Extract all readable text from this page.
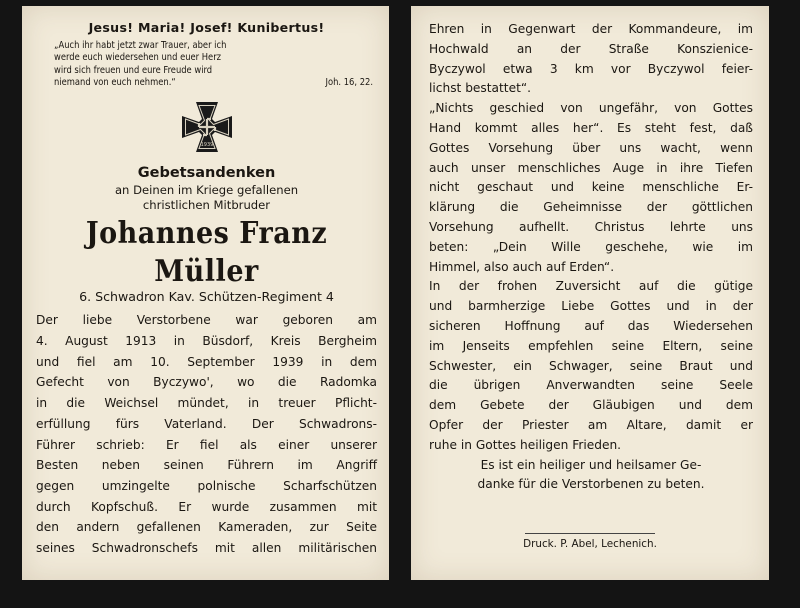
Jesus! Maria! Josef! Kunibertus!
„Auch ihr habt jetzt zwar Trauer, aber ich
werde euch wiedersehen und euer Herz
wird sich freuen und eure Freude wird
niemand von euch nehmen.“	Joh. 16, 22.
1939
Gebetsandenken
an Deinen im Kriege gefallenen
christlichen Mitbruder
Johannes Franz Müller
6. Schwadron Kav. Schützen-Regiment 4
Der liebe Verstorbene war geboren am
4. August 1913 in Büsdorf, Kreis Bergheim
und fiel am 10. September 1939 in dem
Gefecht von Byczywo', wo die Radomka
in die Weichsel mündet, in treuer Pflicht-
erfüllung fürs Vaterland. Der Schwadrons-
Führer schrieb: Er fiel als einer unserer
Besten neben seinen Führern im Angriff
gegen umzingelte polnische Scharfschützen
durch Kopfschuß. Er wurde zusammen mit
den andern gefallenen Kameraden, zur Seite
seines Schwadronschefs mit allen militärischen
Ehren in Gegenwart der Kommandeure, im
Hochwald an der Straße Konszienice-
Byczywol etwa 3 km vor Byczywol feier-
lichst bestattet“.
„Nichts geschied von ungefähr, von Gottes
Hand kommt alles her“. Es steht fest, daß
Gottes Vorsehung über uns wacht, wenn
auch unser menschliches Auge in ihre Tiefen
nicht geschaut und keine menschliche Er-
klärung die Geheimnisse der göttlichen
Vorsehung aufhellt. Christus lehrte uns
beten: „Dein Wille geschehe, wie im
Himmel, also auch auf Erden“.
In der frohen Zuversicht auf die gütige
und barmherzige Liebe Gottes und in der
sicheren Hoffnung auf das Wiedersehen
im Jenseits empfehlen seine Eltern, seine
Schwester, ein Schwager, seine Braut und
die übrigen Anverwandten seine Seele
dem Gebete der Gläubigen und dem
Opfer der Priester am Altare, damit er
ruhe in Gottes heiligen Frieden.
Es ist ein heiliger und heilsamer Ge-
danke für die Verstorbenen zu beten.
Druck. P. Abel, Lechenich.
